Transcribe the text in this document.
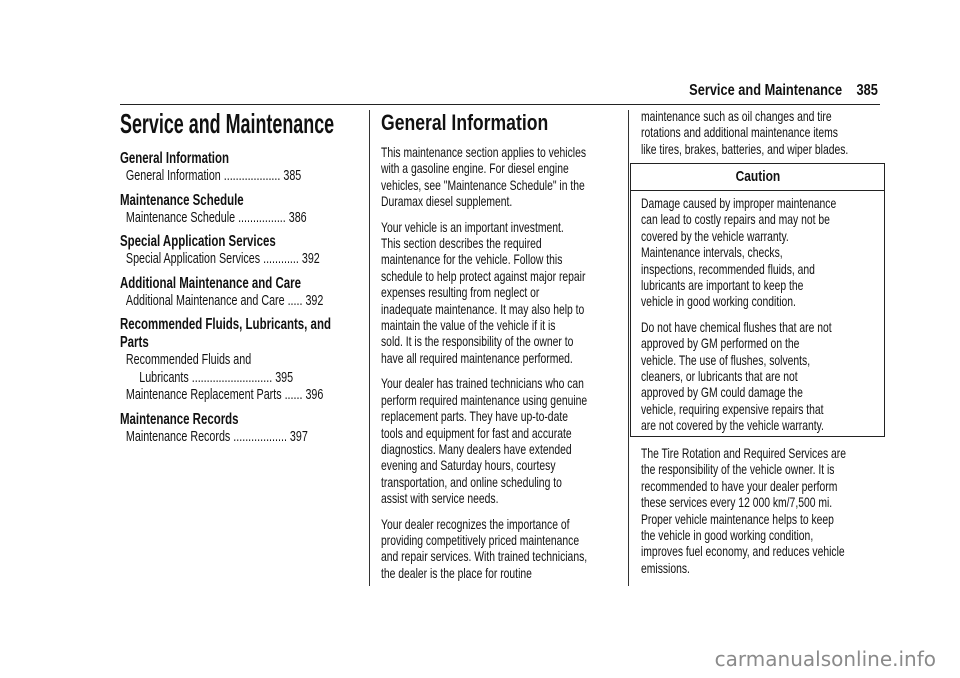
Service and Maintenance 385
Service and Maintenance
General Information
General Information ................... 385
Maintenance Schedule
Maintenance Schedule ................ 386
Special Application Services
Special Application Services ............ 392
Additional Maintenance and Care
Additional Maintenance and Care ..... 392
Recommended Fluids, Lubricants, and
Parts
Recommended Fluids and
Lubricants ........................... 395
Maintenance Replacement Parts ...... 396
Maintenance Records
Maintenance Records .................. 397
General Information

This maintenance section applies to vehicles
with a gasoline engine. For diesel engine
vehicles, see "Maintenance Schedule" in the
Duramax diesel supplement.

Your vehicle is an important investment.
This section describes the required
maintenance for the vehicle. Follow this
schedule to help protect against major repair
expenses resulting from neglect or
inadequate maintenance. It may also help to
maintain the value of the vehicle if it is
sold. It is the responsibility of the owner to
have all required maintenance performed.

Your dealer has trained technicians who can
perform required maintenance using genuine
replacement parts. They have up-to-date
tools and equipment for fast and accurate
diagnostics. Many dealers have extended
evening and Saturday hours, courtesy
transportation, and online scheduling to
assist with service needs.

Your dealer recognizes the importance of
providing competitively priced maintenance
and repair services. With trained technicians,
the dealer is the place for routine

maintenance such as oil changes and tire
rotations and additional maintenance items
like tires, brakes, batteries, and wiper blades.

Caution

Damage caused by improper maintenance
can lead to costly repairs and may not be
covered by the vehicle warranty.
Maintenance intervals, checks,
inspections, recommended fluids, and
lubricants are important to keep the
vehicle in good working condition.

Do not have chemical flushes that are not
approved by GM performed on the
vehicle. The use of flushes, solvents,
cleaners, or lubricants that are not
approved by GM could damage the
vehicle, requiring expensive repairs that
are not covered by the vehicle warranty.

The Tire Rotation and Required Services are
the responsibility of the vehicle owner. It is
recommended to have your dealer perform
these services every 12 000 km/7,500 mi.
Proper vehicle maintenance helps to keep
the vehicle in good working condition,
improves fuel economy, and reduces vehicle
emissions.

carmanualsonline.info
